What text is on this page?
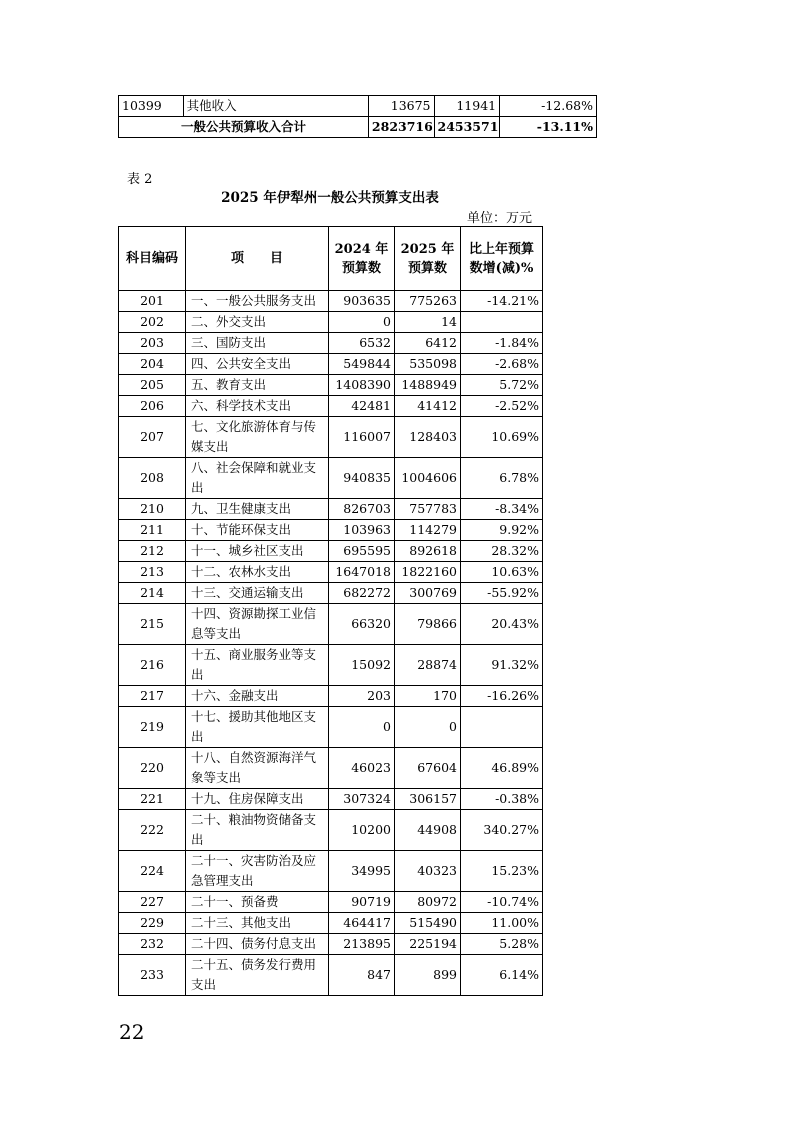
10399	其他收入	13675	11941	-12.68%
一般公共预算收入合计		2823716	2453571	-13.11%
表 2
2025 年伊犁州一般公共预算支出表
单位：万元
科目编码	项　　目	2024 年预算数	2025 年预算数	比上年预算数增(减)%
201	一、一般公共服务支出	903635	775263	-14.21%
202	二、外交支出	0	14	
203	三、国防支出	6532	6412	-1.84%
204	四、公共安全支出	549844	535098	-2.68%
205	五、教育支出	1408390	1488949	5.72%
206	六、科学技术支出	42481	41412	-2.52%
207	七、文化旅游体育与传媒支出	116007	128403	10.69%
208	八、社会保障和就业支出	940835	1004606	6.78%
210	九、卫生健康支出	826703	757783	-8.34%
211	十、节能环保支出	103963	114279	9.92%
212	十一、城乡社区支出	695595	892618	28.32%
213	十二、农林水支出	1647018	1822160	10.63%
214	十三、交通运输支出	682272	300769	-55.92%
215	十四、资源勘探工业信息等支出	66320	79866	20.43%
216	十五、商业服务业等支出	15092	28874	91.32%
217	十六、金融支出	203	170	-16.26%
219	十七、援助其他地区支出	0	0	
220	十八、自然资源海洋气象等支出	46023	67604	46.89%
221	十九、住房保障支出	307324	306157	-0.38%
222	二十、粮油物资储备支出	10200	44908	340.27%
224	二十一、灾害防治及应急管理支出	34995	40323	15.23%
227	二十一、预备费	90719	80972	-10.74%
229	二十三、其他支出	464417	515490	11.00%
232	二十四、债务付息支出	213895	225194	5.28%
233	二十五、债务发行费用支出	847	899	6.14%
22
